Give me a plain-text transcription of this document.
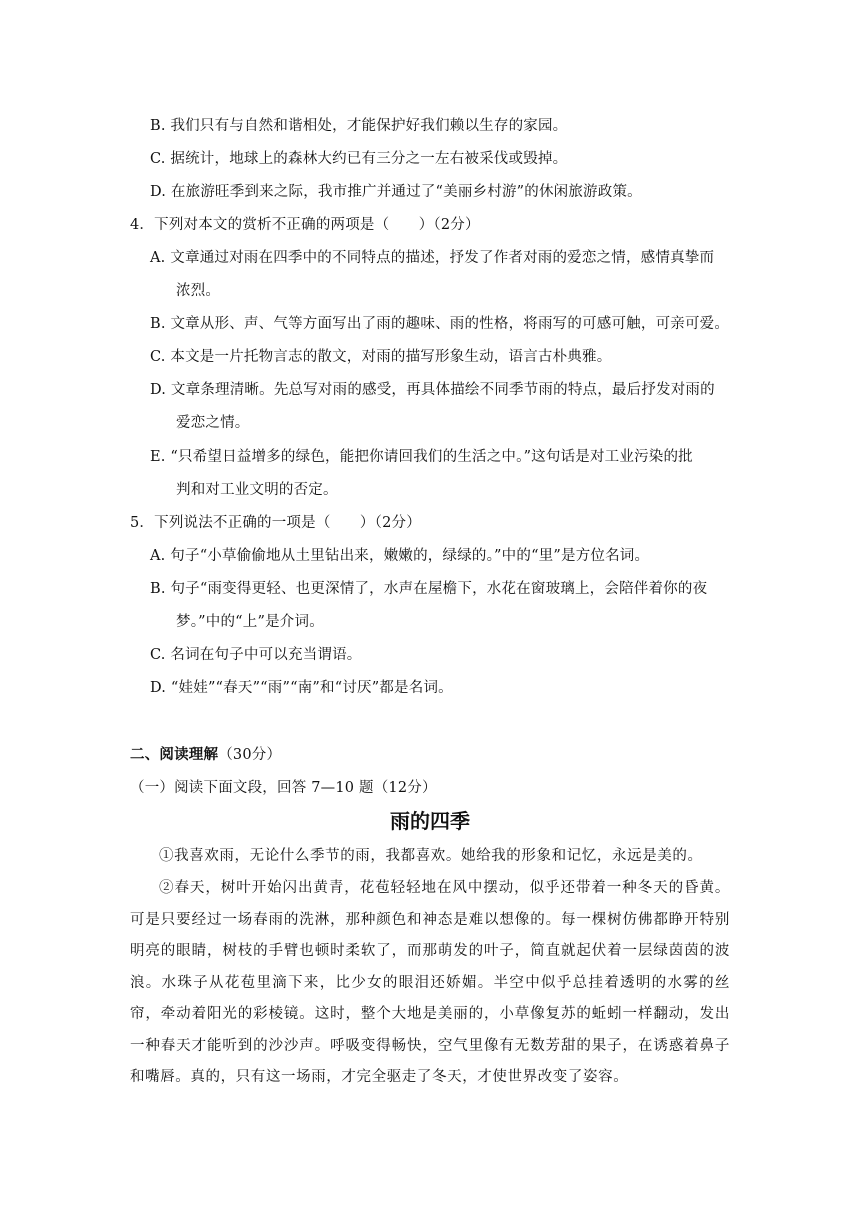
B. 我们只有与自然和谐相处，才能保护好我们赖以生存的家园。
C. 据统计，地球上的森林大约已有三分之一左右被采伐或毁掉。
D. 在旅游旺季到来之际，我市推广并通过了“美丽乡村游”的休闲旅游政策。
4．下列对本文的赏析不正确的两项是（　　）（2分）
A. 文章通过对雨在四季中的不同特点的描述，抒发了作者对雨的爱恋之情，感情真挚而
浓烈。
B. 文章从形、声、气等方面写出了雨的趣味、雨的性格，将雨写的可感可触，可亲可爱。
C. 本文是一片托物言志的散文，对雨的描写形象生动，语言古朴典雅。
D. 文章条理清晰。先总写对雨的感受，再具体描绘不同季节雨的特点，最后抒发对雨的
爱恋之情。
E. “只希望日益增多的绿色，能把你请回我们的生活之中。”这句话是对工业污染的批
判和对工业文明的否定。
5．下列说法不正确的一项是（　　）（2分）
A. 句子“小草偷偷地从土里钻出来，嫩嫩的，绿绿的。”中的“里”是方位名词。
B. 句子“雨变得更轻、也更深情了，水声在屋檐下，水花在窗玻璃上，会陪伴着你的夜
梦。”中的“上”是介词。
C. 名词在句子中可以充当谓语。
D. “娃娃”“春天”“雨”“南”和“讨厌”都是名词。
二、阅读理解（30分）
（一）阅读下面文段，回答 7—10 题（12分）
雨的四季

①我喜欢雨，无论什么季节的雨，我都喜欢。她给我的形象和记忆，永远是美的。

②春天，树叶开始闪出黄青，花苞轻轻地在风中摆动，似乎还带着一种冬天的昏黄。可是只要经过一场春雨的洗淋，那种颜色和神态是难以想像的。每一棵树仿佛都睁开特别明亮的眼睛，树枝的手臂也顿时柔软了，而那萌发的叶子，简直就起伏着一层绿茵茵的波浪。水珠子从花苞里滴下来，比少女的眼泪还娇媚。半空中似乎总挂着透明的水雾的丝帘，牵动着阳光的彩棱镜。这时，整个大地是美丽的，小草像复苏的蚯蚓一样翻动，发出一种春天才能听到的沙沙声。呼吸变得畅快，空气里像有无数芳甜的果子，在诱惑着鼻子和嘴唇。真的，只有这一场雨，才完全驱走了冬天，才使世界改变了姿容。
